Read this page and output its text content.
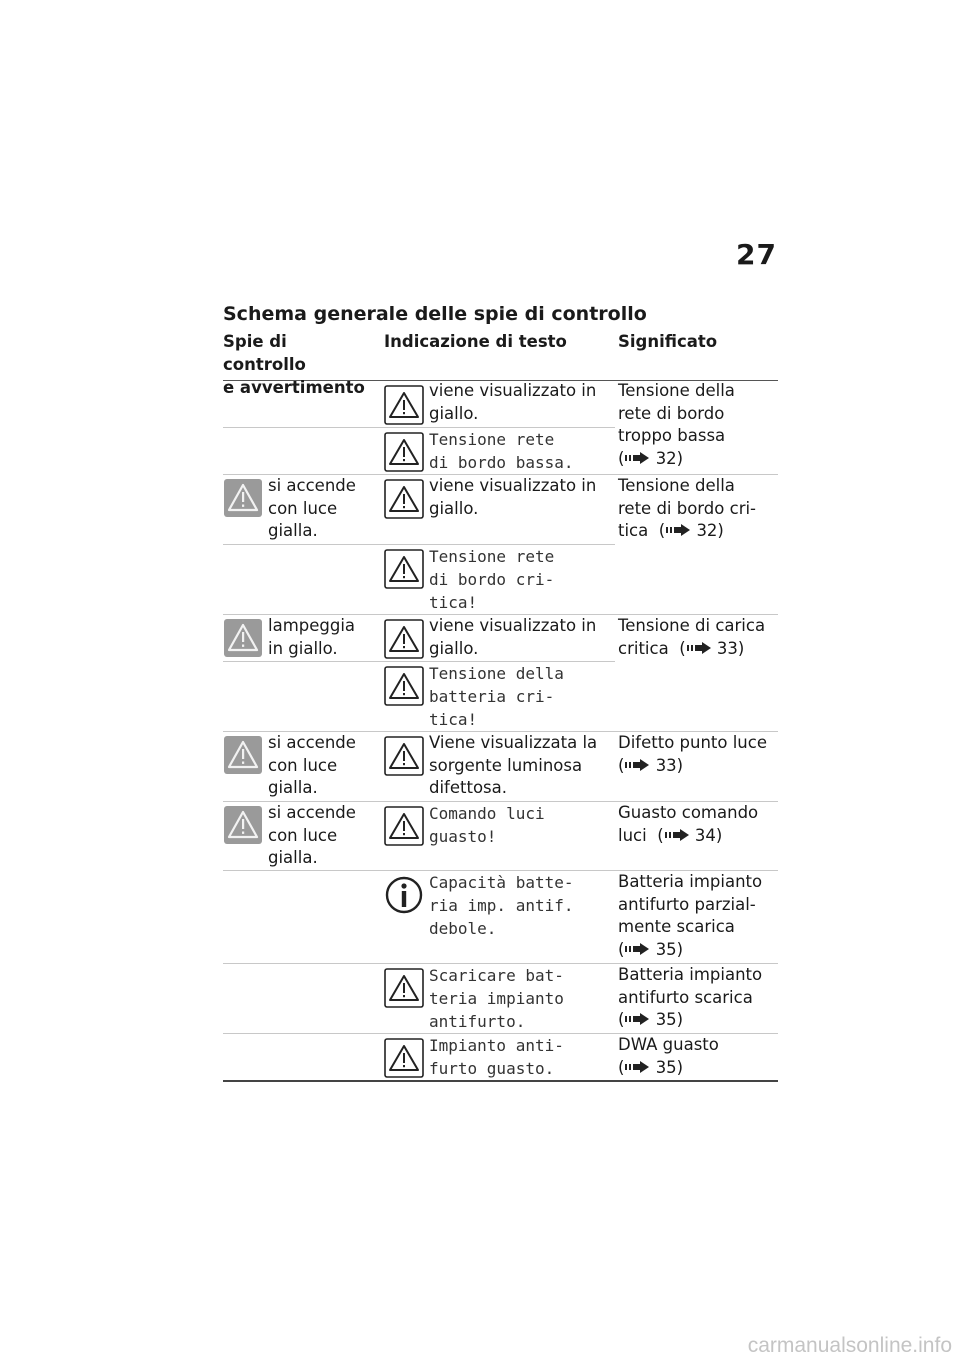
27
Schema generale delle spie di controllo
Spie di controllo
e avvertimento
Indicazione di testo	Significato
viene visualizzato in
giallo.
Tensione rete
di bordo bassa.
Tensione della
rete di bordo
troppo bassa
( 32)
si accende
con luce
gialla.
viene visualizzato in
giallo.
Tensione della
rete di bordo cri-
tica ( 32)
Tensione rete
di bordo cri-
tica!
lampeggia
in giallo.
viene visualizzato in
giallo.
Tensione di carica
critica ( 33)
Tensione della
batteria cri-
tica!
si accende
con luce
gialla.
Viene visualizzata la
sorgente luminosa
difettosa.
Difetto punto luce
( 33)
si accende
con luce
gialla.
Comando luci
guasto!
Guasto comando
luci ( 34)
Capacità batte-
ria imp. antif.
debole.
Batteria impianto
antifurto parzial-
mente scarica
( 35)
Scaricare bat-
teria impianto
antifurto.
Batteria impianto
antifurto scarica
( 35)
Impianto anti-
furto guasto.
DWA guasto
( 35)
carmanualsonline.info
